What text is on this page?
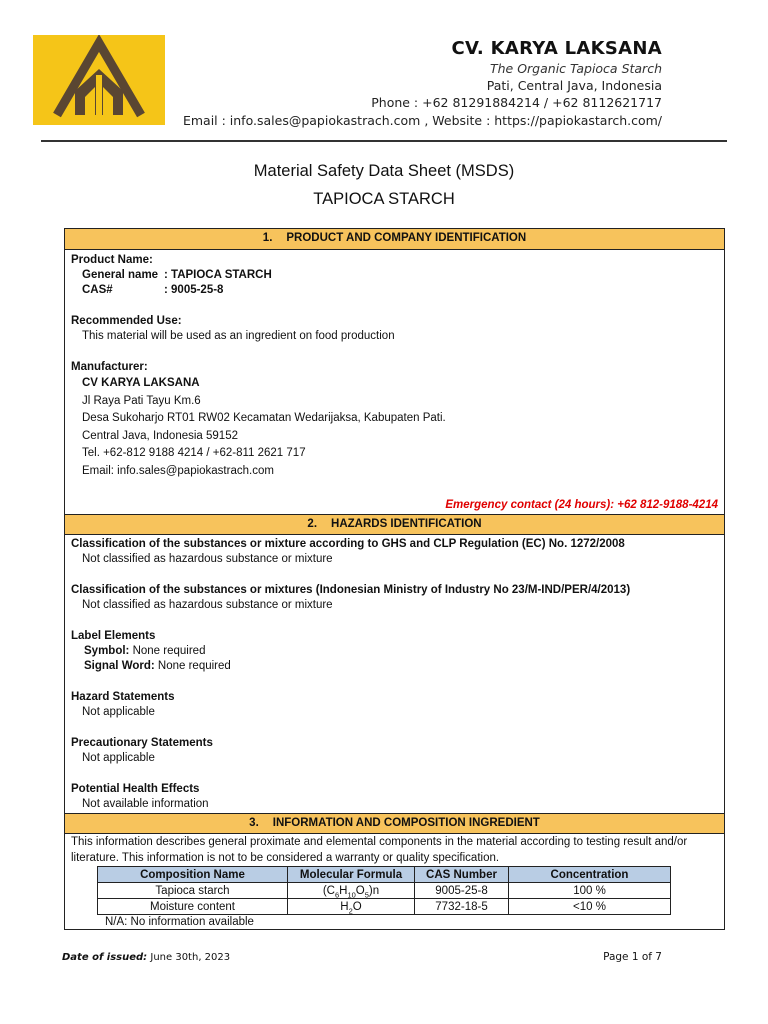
CV. KARYA LAKSANA
The Organic Tapioca Starch
Pati, Central Java, Indonesia
Phone : +62 81291884214 / +62 8112621717
Email : info.sales@papiokastrach.com , Website : https://papiokastarch.com/
Material Safety Data Sheet (MSDS)
TAPIOCA STARCH
1. PRODUCT AND COMPANY IDENTIFICATION
Product Name:
General name : TAPIOCA STARCH
CAS#	: 9005-25-8
Recommended Use:
This material will be used as an ingredient on food production
Manufacturer:
CV KARYA LAKSANA
Jl Raya Pati Tayu Km.6
Desa Sukoharjo RT01 RW02 Kecamatan Wedarijaksa, Kabupaten Pati.
Central Java, Indonesia 59152
Tel. +62-812 9188 4214 / +62-811 2621 717
Email: info.sales@papiokastrach.com
Emergency contact (24 hours): +62 812-9188-4214
2. HAZARDS IDENTIFICATION
Classification of the substances or mixture according to GHS and CLP Regulation (EC) No. 1272/2008
Not classified as hazardous substance or mixture
Classification of the substances or mixtures (Indonesian Ministry of Industry No 23/M-IND/PER/4/2013)
Not classified as hazardous substance or mixture
Label Elements
Symbol: None required
Signal Word: None required
Hazard Statements
Not applicable
Precautionary Statements
Not applicable
Potential Health Effects
Not available information
3. INFORMATION AND COMPOSITION INGREDIENT
This information describes general proximate and elemental components in the material according to testing result and/or
literature. This information is not to be considered a warranty or quality specification.
Composition Name	Molecular Formula	CAS Number	Concentration
Tapioca starch	$(C_6H_{10}O_5)n$	9005-25-8	100 %
Moisture content	$H_2O$	7732-18-5	<10 %
N/A: No information available
Date of issued: June 30th, 2023	Page 1 of 7
